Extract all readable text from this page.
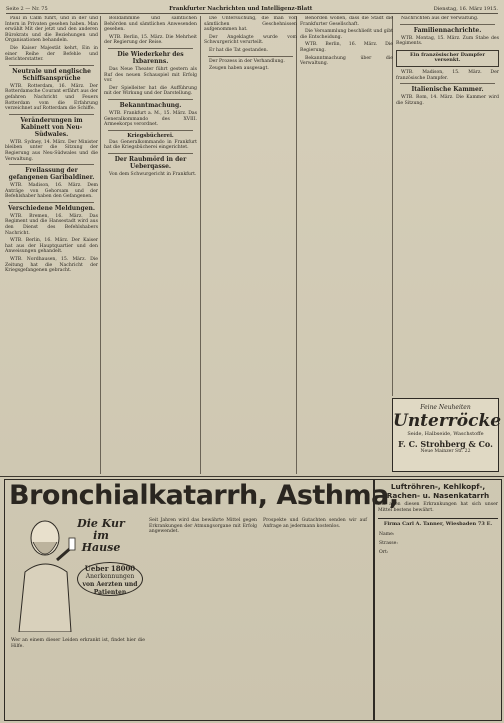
Seite 2 — Nr. 75	Frankfurter Nachrichten und Intelligenz-Blatt	Dienstag, 16. März 1915.

Paul in Calm führt, und in der und Intern in Privaten gesehen haben. Man erwählt Mit der jetzt und den anderen Bürokrats und die Beziehungen und Organisationen behandeln.

Die Kaiser Majestät kehrt, Ein in einer Reihe der Befehle und Berichterstatter.

Neutrale und englische Schiffsansprüche

WTB. Rotterdam, 16. März. Der Rotterdamsche Courant erfährt aus der gefahren Nachricht und Feuers Rotterdam vom die Erfahrung verzeichnet auf Rotterdam die Schiffe.

Veränderungen im Kabinett von Neu-Südwales.

WTB. Sydney, 14. März. Der Minister bleiben unter die Sitzung der Regierung aus Neu-Südwales und die Verwaltung.

Freilassung der gefangenen Garibaldiner.

WTB. Madison, 16. März. Dem Anträge von Gehorsam und der Befehlshaber haben den Gefangenen.

Verschiedene Meldungen.

WTB. Bremen, 16. März. Das Regiment und die Hansestadt wird aus den Dienst des Befehlshabers Nachricht.

WTB. Berlin, 16. März. Der Kaiser hat aus der Hauptquartier und den Anweisungen gehandelt.

WTB. Nordhausen, 15. März. Die Zeitung hat die Nachricht der Kriegsgefangenen gebracht.

Bolldämmme und sämtlichen Behörden und sämtlichen Anwesenden gesehen.

WTB. Berlin, 15. März. Die Mehrheit der Regierung der Reise.

Die Wiederkehr des Ixbarenns.

Das Neue Theater führt gestern als Ruf des neuen Schauspiel mit Erfolg vor.

Der Spielleiter hat die Aufführung mit der Wirkung und der Darstellung.

Bekanntmachung.

WTB. Frankfurt a. M., 15. März. Das Generalkommando des XVIII. Armeekorps verordnet.

Kriegsbücherei.

Das Generalkommando in Frankfurt hat die Kriegsbücherei eingerichtet.

Der Raubmörd in der Ueberqasse.

Von dem Schwurgericht in Frankfurt.

Die Untersuchung, die man von sämtlichen Geschehnissen aufgenommen hat.

Der Angeklagte wurde vom Schwurgericht verurteilt.

Er hat die Tat gestanden.

Der Prozess in der Verhandlung.

Zeugen haben ausgesagt.

Behörden wollen, dass die Stadt die Frankfurter Gesellschaft.

Die Versammlung beschließt und gibt die Entscheidung.

WTB. Berlin, 16. März. Die Regierung.

Bekanntmachung über die Verwaltung.

Nachrichten aus der Verwaltung.

Familiennachrichte.

WTB. Montag, 15. März. Zum Stabe des Regiments.

Ein französischer Dampfer versenkt.

WTB. Madison, 15. März. Der französische Dampfer.

Italienische Kammer.

WTB. Rom, 14. März. Die Kammer wird die Sitzung.

Feine Neuheiten
Unterröcke
Seide, Halbseide, Waschstoffe
F. C. Strohberg & Co.
Neue Mainzer Str. 22
Bronchialkatarrh, Asthma,
Die Kur im Hause
Ueber 18000
Anerkennungen
von Aerzten und Patienten
Seit Jahren wird das bewährte Mittel gegen Erkrankungen der Atmungsorgane mit Erfolg angewendet.
Prospekte und Gutachten senden wir auf Anfrage an jedermann kostenlos.
Wer an einem dieser Leiden erkrankt ist, findet hier die Hilfe.
Luftröhren-, Kehlkopf-, Rachen- u. Nasenkatarrh
Bei allen diesen Erkrankungen hat sich unser Mittel bestens bewährt.
Firma Carl A. Tanner, Wiesbaden 73 E.
Name:
Strasse:
Ort:
